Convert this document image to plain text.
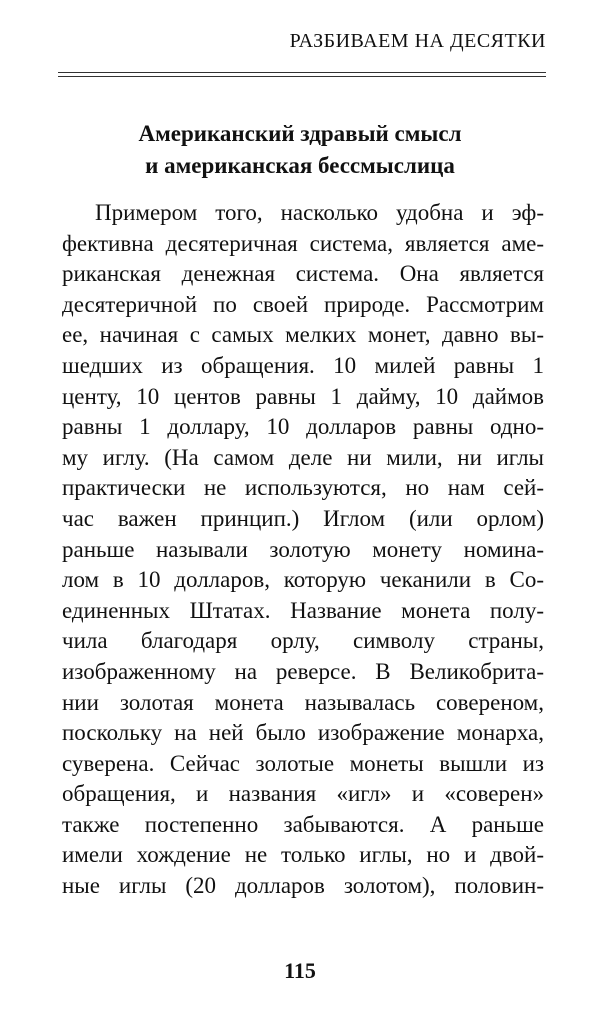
РАЗБИВАЕМ НА ДЕСЯТКИ
Американский здравый смысл
и американская бессмыслица
Примером того, насколько удобна и эф-
фективна десятеричная система, является аме-
риканская денежная система. Она является
десятеричной по своей природе. Рассмотрим
ее, начиная с самых мелких монет, давно вы-
шедших из обращения. 10 милей равны 1
центу, 10 центов равны 1 дайму, 10 даймов
равны 1 доллару, 10 долларов равны одно-
му иглу. (На самом деле ни мили, ни иглы
практически не используются, но нам сей-
час важен принцип.) Иглом (или орлом)
раньше называли золотую монету номина-
лом в 10 долларов, которую чеканили в Со-
единенных Штатах. Название монета полу-
чила благодаря орлу, символу страны,
изображенному на реверсе. В Великобрита-
нии золотая монета называлась совереном,
поскольку на ней было изображение монарха,
суверена. Сейчас золотые монеты вышли из
обращения, и названия «игл» и «соверен»
также постепенно забываются. А раньше
имели хождение не только иглы, но и двой-
ные иглы (20 долларов золотом), половин-
115
